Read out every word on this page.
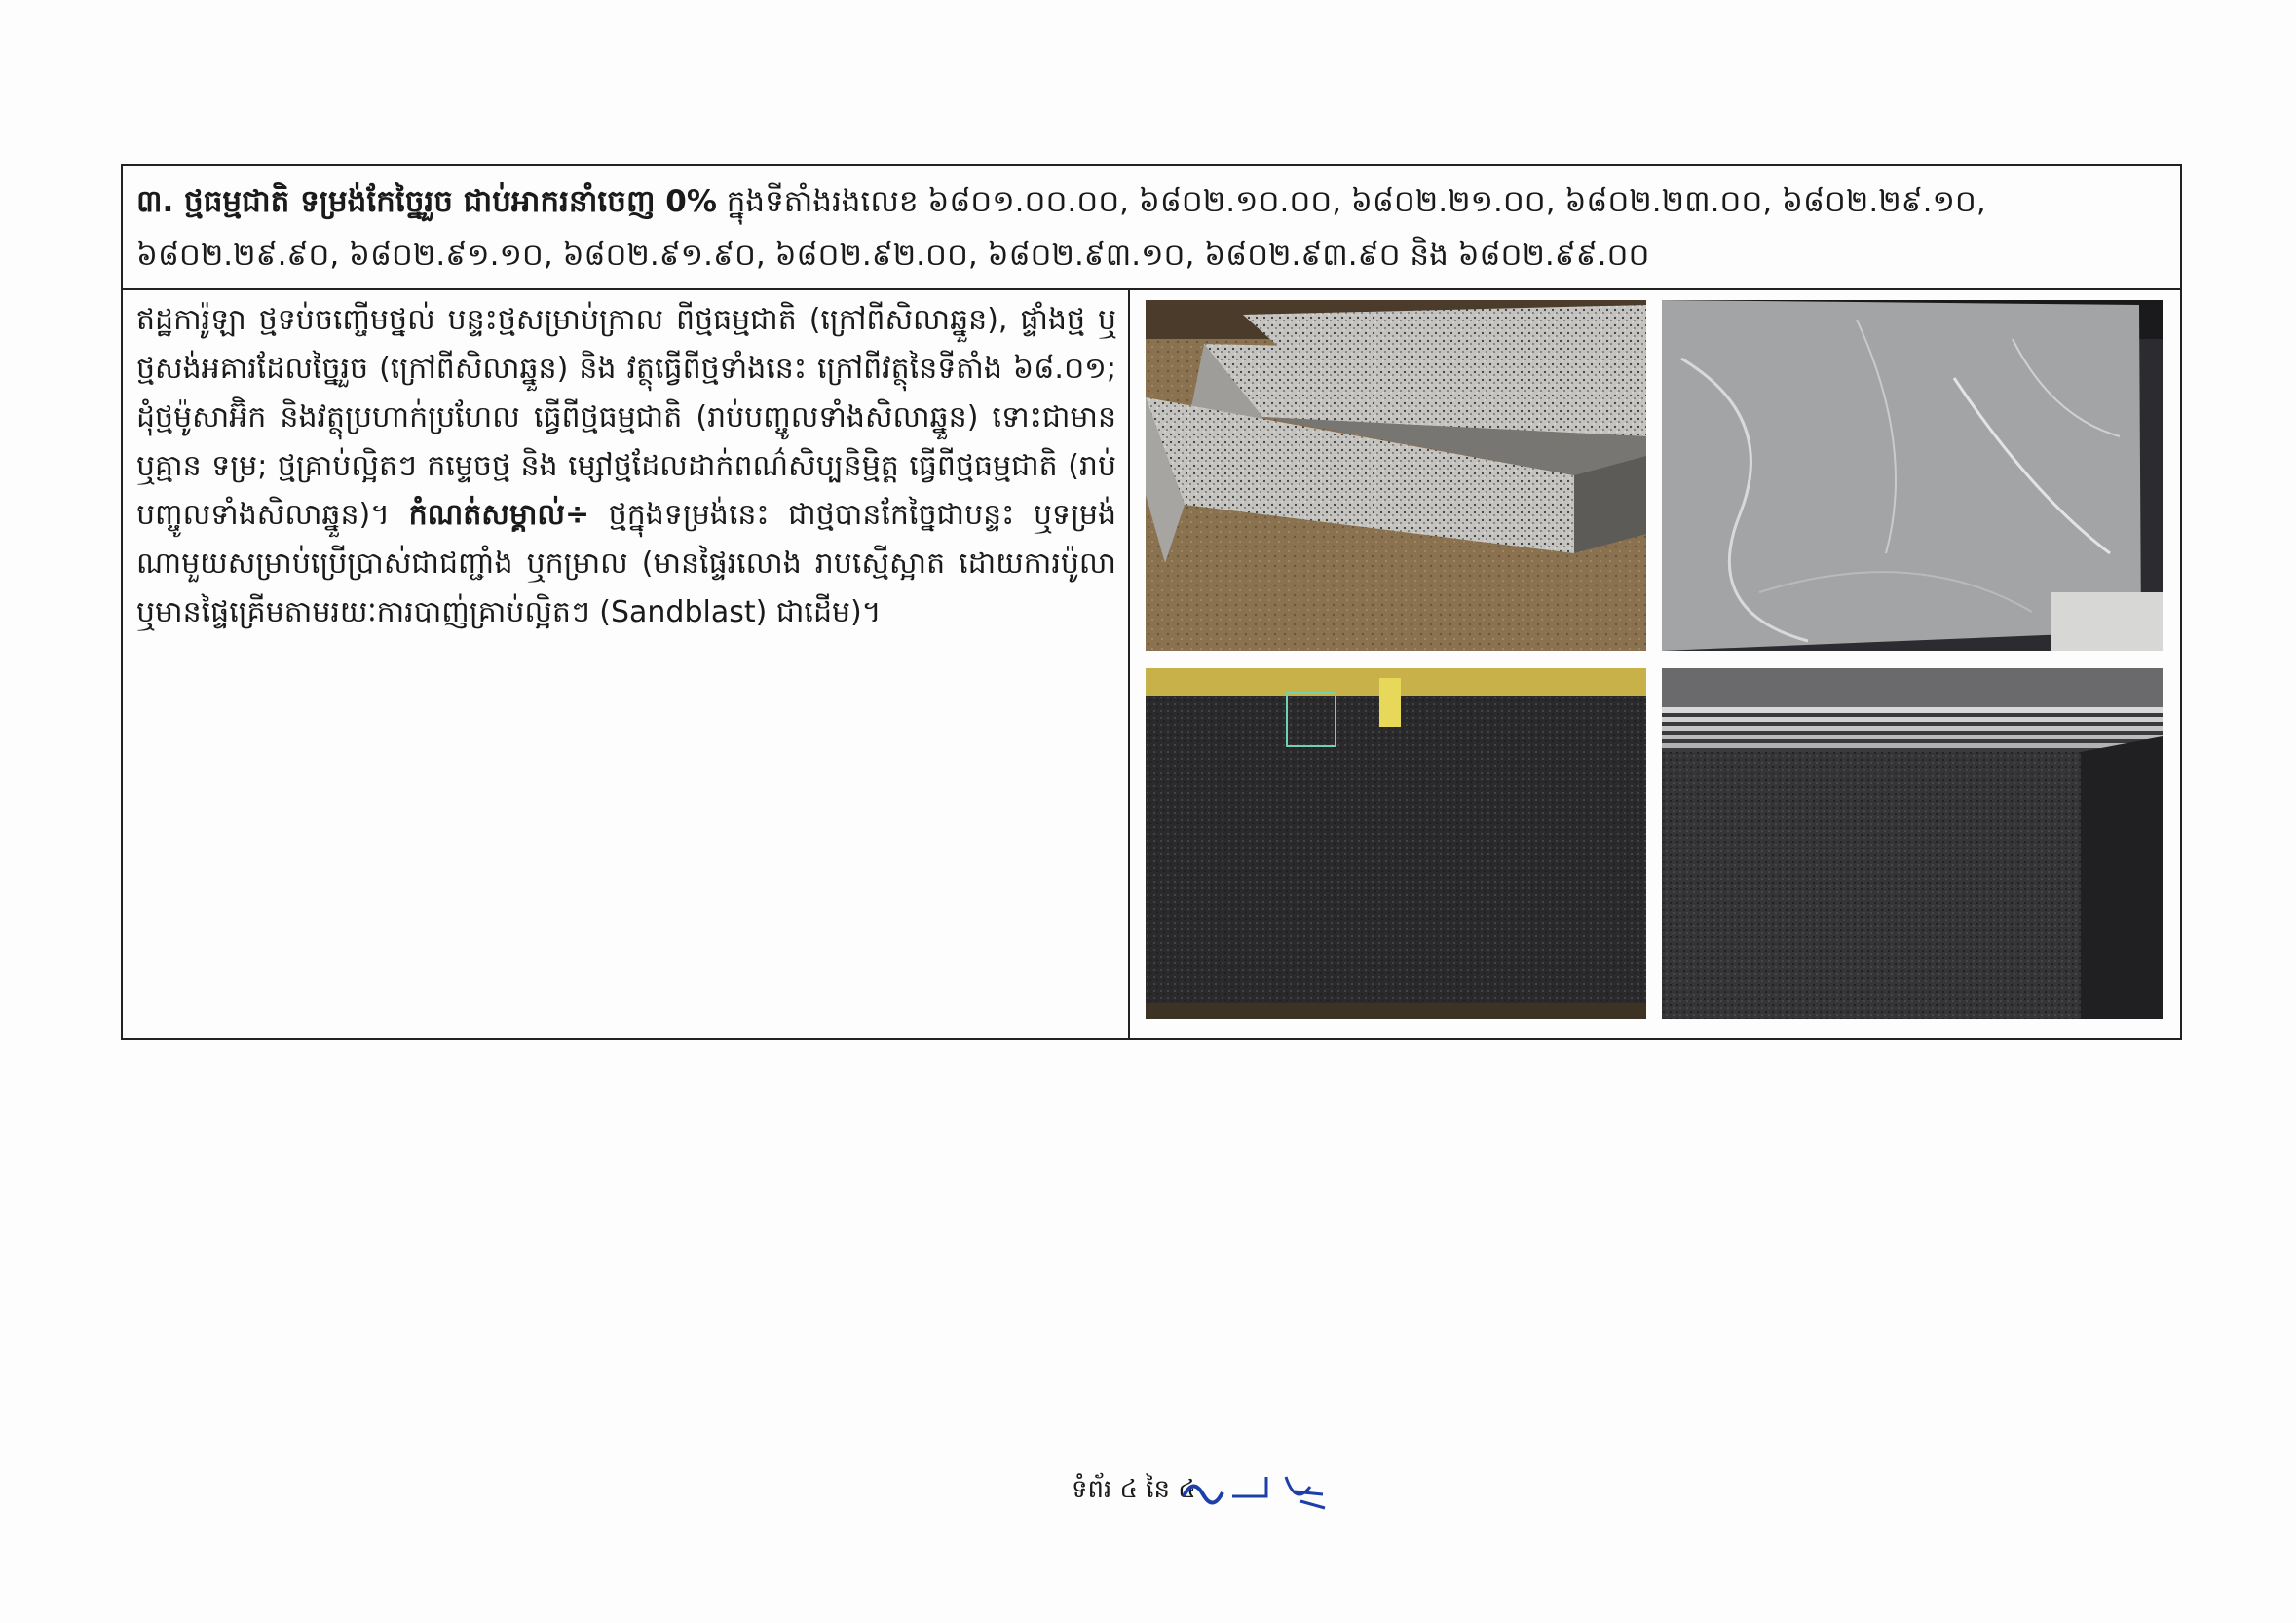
៣. ថ្មធម្មជាតិ ទម្រង់កែច្នៃរួច ជាប់អាករនាំចេញ 0% ក្នុងទីតាំងរងលេខ ៦៨០១.០០.០០, ៦៨០២.១០.០០, ៦៨០២.២១.០០, ៦៨០២.២៣.០០, ៦៨០២.២៩.១០, ៦៨០២.២៩.៩០, ៦៨០២.៩១.១០, ៦៨០២.៩១.៩០, ៦៨០២.៩២.០០, ៦៨០២.៩៣.១០, ៦៨០២.៩៣.៩០ និង ៦៨០២.៩៩.០០
ឥដ្ឋការ៉ូឡា ថ្មទប់ចញ្ចើមថ្នល់ បន្ទះថ្មសម្រាប់ក្រាល ពីថ្មធម្មជាតិ (ក្រៅពីសិលាឆ្នួន), ផ្ទាំងថ្ម ឬ ថ្មសង់អគារដែលច្នៃរួច (ក្រៅពីសិលាឆ្នួន) និង វត្ថុធ្វើពីថ្មទាំងនេះ ក្រៅពីវត្ថុនៃទីតាំង ៦៨.០១; ដុំថ្មម៉ូសាអ៊ិក និងវត្ថុប្រហាក់ប្រហែល ធ្វើពីថ្មធម្មជាតិ (រាប់បញ្ចូលទាំងសិលាឆ្នួន) ទោះជាមាន ឬគ្មាន ទម្រ; ថ្មគ្រាប់ល្អិតៗ កម្ទេចថ្ម និង ម្សៅថ្មដែលដាក់ពណ៌សិប្បនិម្មិត្ត ធ្វើពីថ្មធម្មជាតិ (រាប់បញ្ចូលទាំងសិលាឆ្នួន)។ កំណត់សម្គាល់÷ ថ្មក្នុងទម្រង់នេះ ជាថ្មបានកែច្នៃជាបន្ទះ ឬទម្រង់ណាមួយសម្រាប់ប្រើប្រាស់ជាជញ្ជាំង ឬកម្រាល (មានផ្ទៃរលោង រាបស្មើស្អាត ដោយការប៉ូលា ឬមានផ្ទៃគ្រើមតាមរយៈការបាញ់គ្រាប់ល្អិតៗ (Sandblast) ជាដើម)។
ទំព័រ ៤ នៃ ៤
